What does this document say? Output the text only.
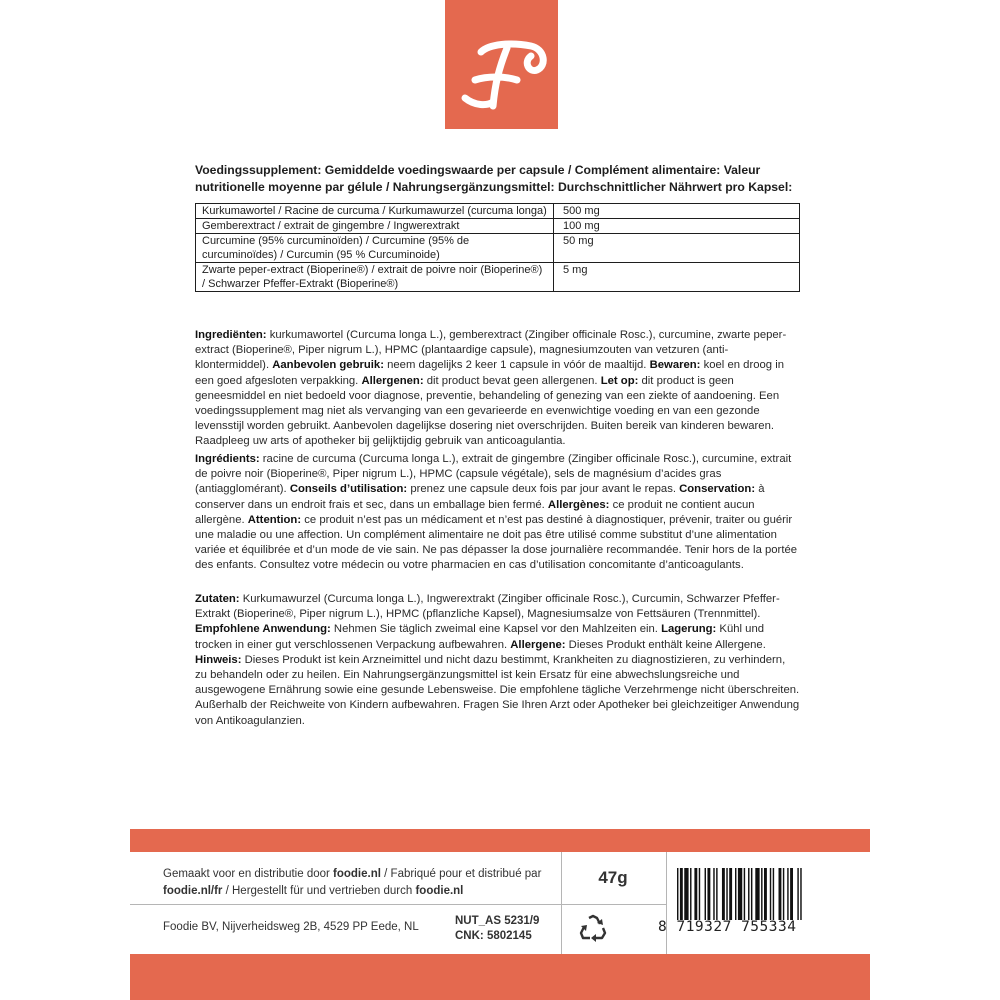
Voedingssupplement: Gemiddelde voedingswaarde per capsule / Complément alimentaire: Valeur nutritionelle moyenne par gélule / Nahrungsergänzungsmittel: Durchschnittlicher Nährwert pro Kapsel:
Kurkumawortel / Racine de curcuma / Kurkumawurzel (curcuma longa)	500 mg
Gemberextract / extrait de gingembre / Ingwerextrakt	100 mg
Curcumine (95% curcuminoïden) / Curcumine (95% de curcuminoïdes) / Curcumin (95 % Curcuminoide)	50 mg
Zwarte peper-extract (Bioperine®) / extrait de poivre noir (Bioperine®) / Schwarzer Pfeffer-Extrakt (Bioperine®)	5 mg

Ingrediënten: kurkumawortel (Curcuma longa L.), gemberextract (Zingiber officinale Rosc.), curcumine, zwarte peper-extract (Bioperine®, Piper nigrum L.), HPMC (plantaardige capsule), magnesiumzouten van vetzuren (anti-klontermiddel). Aanbevolen gebruik: neem dagelijks 2 keer 1 capsule in vóór de maaltijd. Bewaren: koel en droog in een goed afgesloten verpakking. Allergenen: dit product bevat geen allergenen. Let op: dit product is geen geneesmiddel en niet bedoeld voor diagnose, preventie, behandeling of genezing van een ziekte of aandoening. Een voedingssupplement mag niet als vervanging van een gevarieerde en evenwichtige voeding en van een gezonde levensstijl worden gebruikt. Aanbevolen dagelijkse dosering niet overschrijden. Buiten bereik van kinderen bewaren. Raadpleeg uw arts of apotheker bij gelijktijdig gebruik van anticoagulantia.

Ingrédients: racine de curcuma (Curcuma longa L.), extrait de gingembre (Zingiber officinale Rosc.), curcumine, extrait de poivre noir (Bioperine®, Piper nigrum L.), HPMC (capsule végétale), sels de magnésium d’acides gras (antiagglomérant). Conseils d’utilisation: prenez une capsule deux fois par jour avant le repas. Conservation: à conserver dans un endroit frais et sec, dans un emballage bien fermé. Allergènes: ce produit ne contient aucun allergène. Attention: ce produit n’est pas un médicament et n’est pas destiné à diagnostiquer, prévenir, traiter ou guérir une maladie ou une affection. Un complément alimentaire ne doit pas être utilisé comme substitut d’une alimentation variée et équilibrée et d’un mode de vie sain. Ne pas dépasser la dose journalière recommandée. Tenir hors de la portée des enfants. Consultez votre médecin ou votre pharmacien en cas d’utilisation concomitante d’anticoagulants.

Zutaten: Kurkumawurzel (Curcuma longa L.), Ingwerextrakt (Zingiber officinale Rosc.), Curcumin, Schwarzer Pfeffer-Extrakt (Bioperine®, Piper nigrum L.), HPMC (pflanzliche Kapsel), Magnesiumsalze von Fettsäuren (Trennmittel). Empfohlene Anwendung: Nehmen Sie täglich zweimal eine Kapsel vor den Mahlzeiten ein. Lagerung: Kühl und trocken in einer gut verschlossenen Verpackung aufbewahren. Allergene: Dieses Produkt enthält keine Allergene. Hinweis: Dieses Produkt ist kein Arzneimittel und nicht dazu bestimmt, Krankheiten zu diagnostizieren, zu verhindern, zu behandeln oder zu heilen. Ein Nahrungsergänzungsmittel ist kein Ersatz für eine abwechslungsreiche und ausgewogene Ernährung sowie eine gesunde Lebensweise. Die empfohlene tägliche Verzehrmenge nicht überschreiten. Außerhalb der Reichweite von Kindern aufbewahren. Fragen Sie Ihren Arzt oder Apotheker bei gleichzeitiger Anwendung von Antikoagulanzien.

Gemaakt voor en distributie door foodie.nl / Fabriqué pour et distribué par foodie.nl/fr / Hergestellt für und vertrieben durch foodie.nl
Foodie BV, Nijverheidsweg 2B, 4529 PP Eede, NL
47g
NUT_AS 5231/9
CNK: 5802145
8 719327 755334
